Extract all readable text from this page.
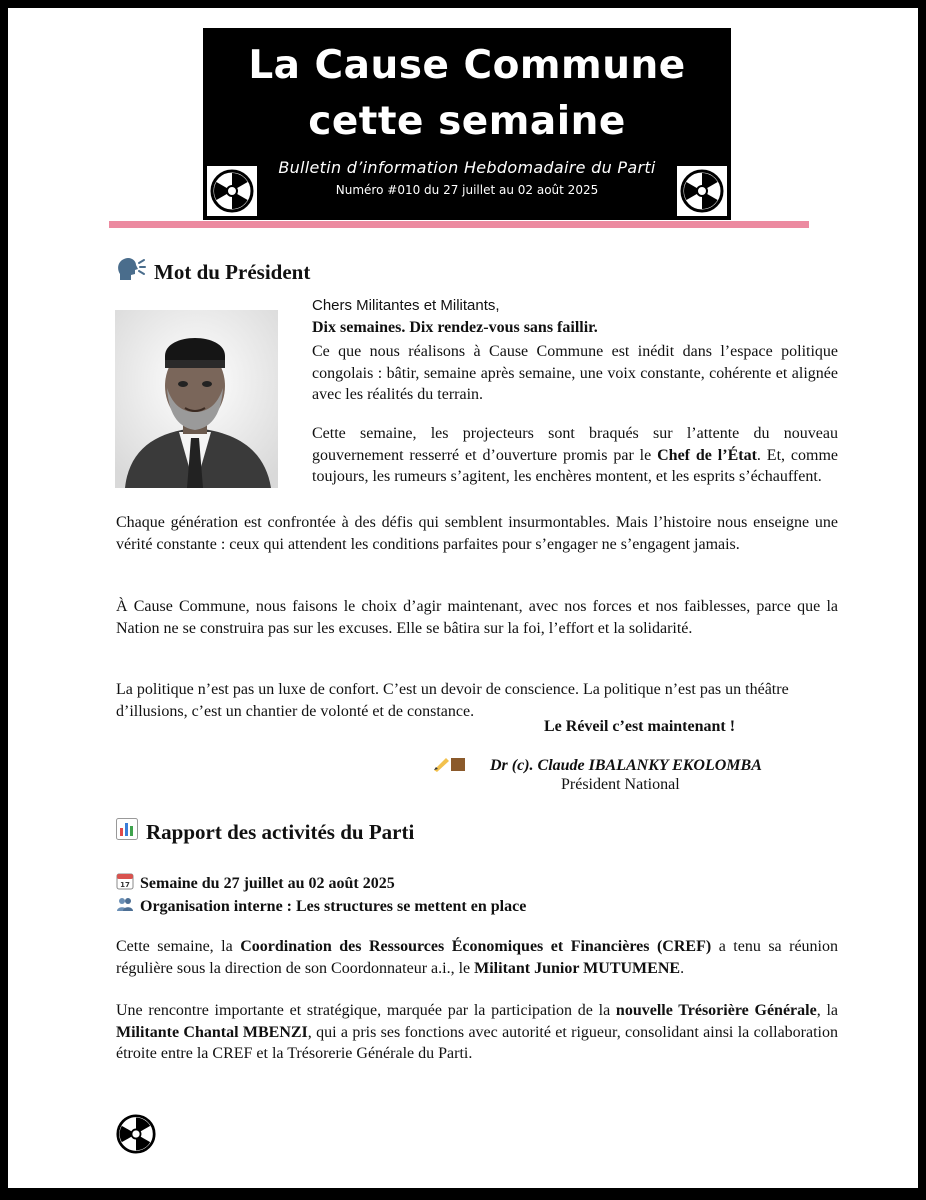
La Cause Commune
cette semaine
Bulletin d’information Hebdomadaire du Parti
Numéro #010 du 27 juillet au 02 août 2025
Mot du Président
Chers Militantes et Militants,
Dix semaines. Dix rendez-vous sans faillir.

Ce que nous réalisons à Cause Commune est inédit dans l’espace politique congolais : bâtir, semaine après semaine, une voix constante, cohérente et alignée avec les réalités du terrain.

Cette semaine, les projecteurs sont braqués sur l’attente du nouveau gouvernement resserré et d’ouverture promis par le Chef de l’État. Et, comme toujours, les rumeurs s’agitent, les enchères montent, et les esprits s’échauffent.

Chaque génération est confrontée à des défis qui semblent insurmontables. Mais l’histoire nous enseigne une vérité constante : ceux qui attendent les conditions parfaites pour s’engager ne s’engagent jamais.

À Cause Commune, nous faisons le choix d’agir maintenant, avec nos forces et nos faiblesses, parce que la Nation ne se construira pas sur les excuses. Elle se bâtira sur la foi, l’effort et la solidarité.

La politique n’est pas un luxe de confort. C’est un devoir de conscience. La politique n’est pas un théâtre d’illusions, c’est un chantier de volonté et de constance.

Le Réveil c’est maintenant !
Dr (c). Claude IBALANKY EKOLOMBA
Président National
Rapport des activités du Parti
17 Semaine du 27 juillet au 02 août 2025
Organisation interne : Les structures se mettent en place

Cette semaine, la Coordination des Ressources Économiques et Financières (CREF) a tenu sa réunion régulière sous la direction de son Coordonnateur a.i., le Militant Junior MUTUMENE.

Une rencontre importante et stratégique, marquée par la participation de la nouvelle Trésorière Générale, la Militante Chantal MBENZI, qui a pris ses fonctions avec autorité et rigueur, consolidant ainsi la collaboration étroite entre la CREF et la Trésorerie Générale du Parti.
